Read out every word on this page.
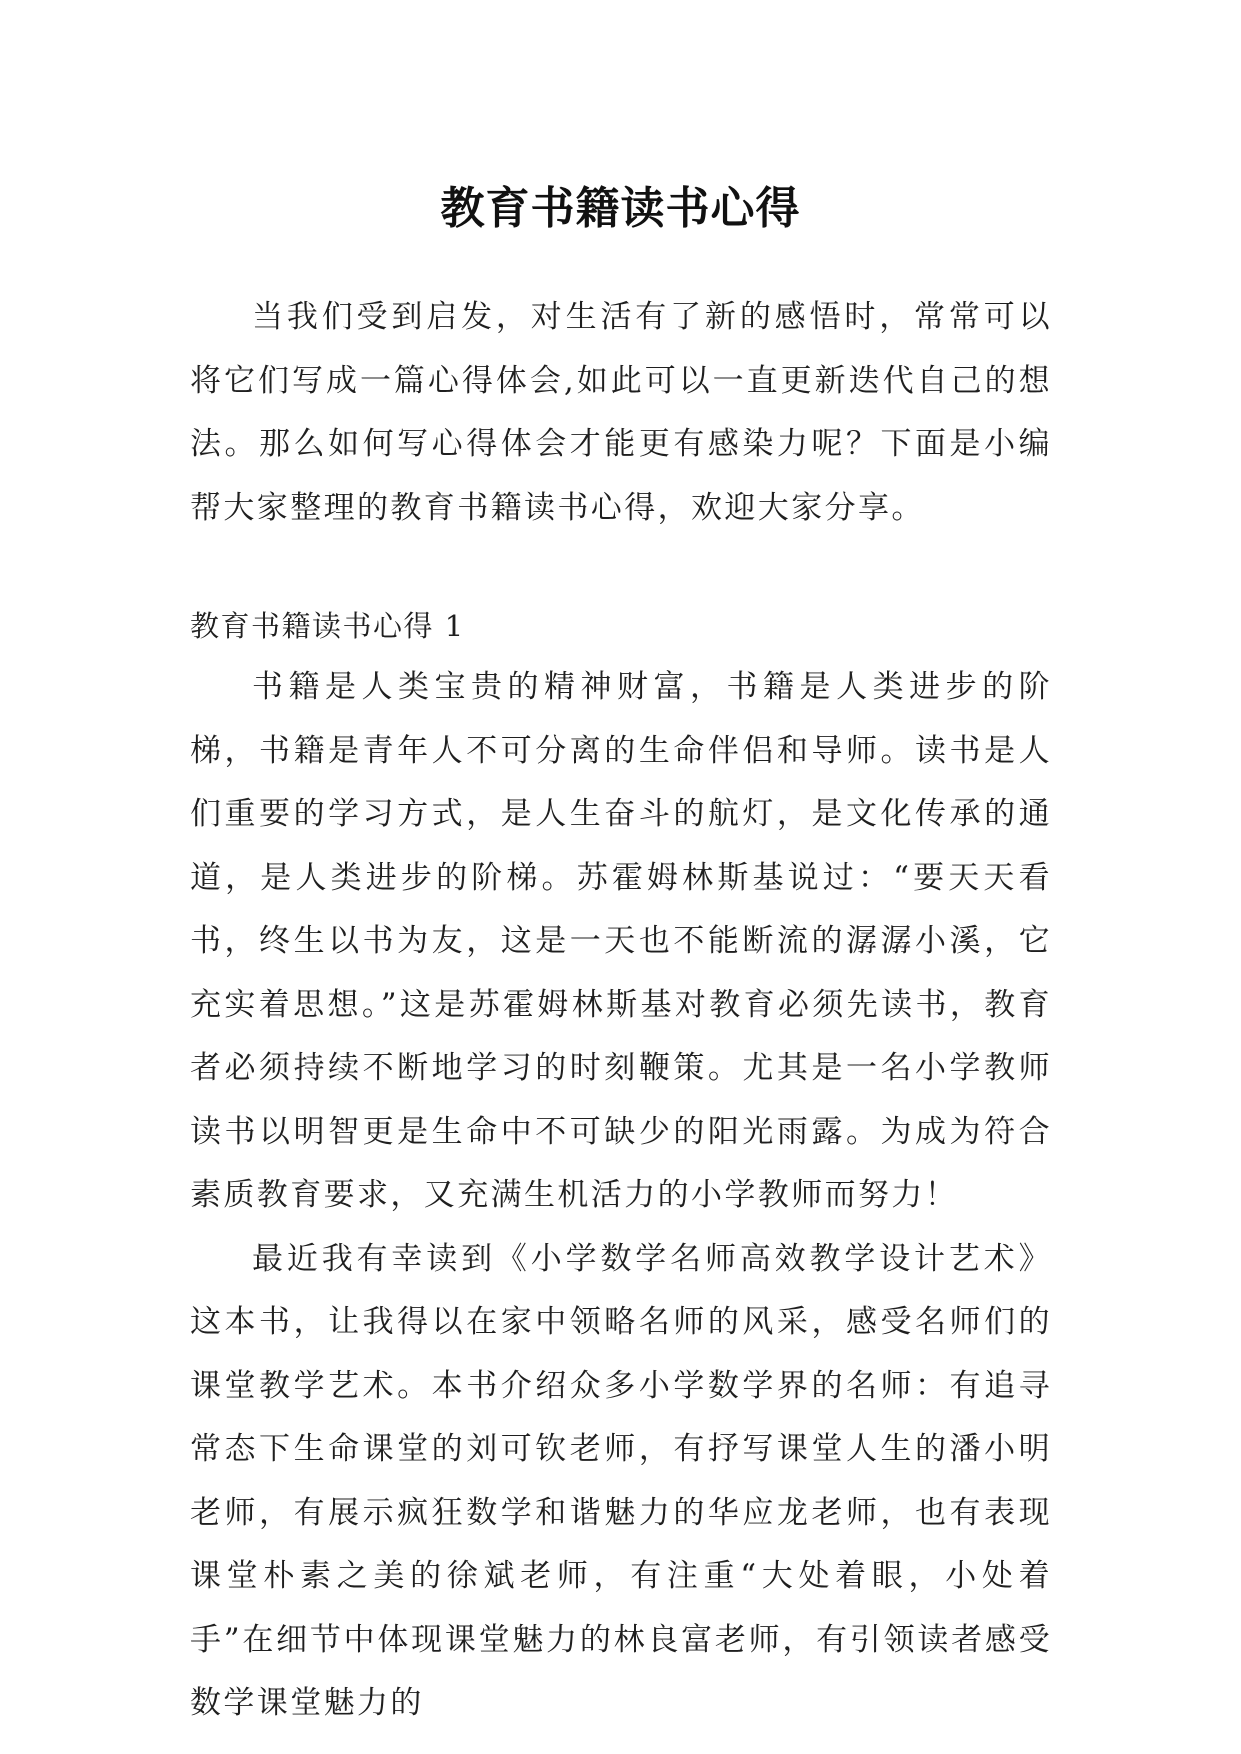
教育书籍读书心得

当我们受到启发，对生活有了新的感悟时，常常可以将它们写成一篇心得体会,如此可以一直更新迭代自己的想法。那么如何写心得体会才能更有感染力呢？下面是小编帮大家整理的教育书籍读书心得，欢迎大家分享。

教育书籍读书心得 1

书籍是人类宝贵的精神财富，书籍是人类进步的阶梯，书籍是青年人不可分离的生命伴侣和导师。读书是人们重要的学习方式，是人生奋斗的航灯，是文化传承的通道，是人类进步的阶梯。苏霍姆林斯基说过：“要天天看书，终生以书为友，这是一天也不能断流的潺潺小溪，它充实着思想。”这是苏霍姆林斯基对教育必须先读书，教育者必须持续不断地学习的时刻鞭策。尤其是一名小学教师读书以明智更是生命中不可缺少的阳光雨露。为成为符合素质教育要求，又充满生机活力的小学教师而努力！

最近我有幸读到《小学数学名师高效教学设计艺术》这本书，让我得以在家中领略名师的风采，感受名师们的课堂教学艺术。本书介绍众多小学数学界的名师：有追寻常态下生命课堂的刘可钦老师，有抒写课堂人生的潘小明老师，有展示疯狂数学和谐魅力的华应龙老师，也有表现课堂朴素之美的徐斌老师，有注重“大处着眼，小处着手”在细节中体现课堂魅力的林良富老师，有引领读者感受数学课堂魅力的
